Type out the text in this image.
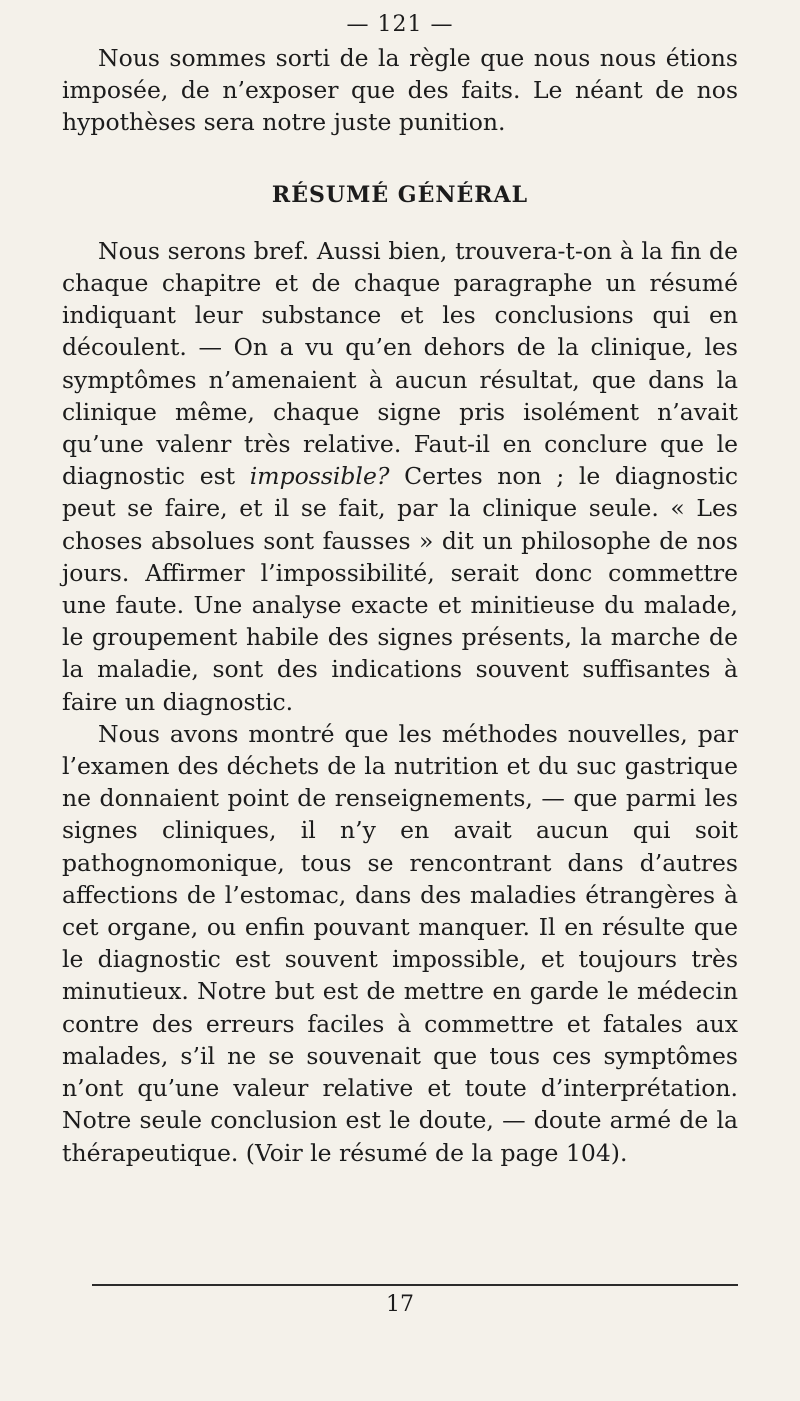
— 121 —

Nous sommes sorti de la règle que nous nous étions imposée, de n’exposer que des faits. Le néant de nos hypothèses sera notre juste punition.

RÉSUMÉ GÉNÉRAL

Nous serons bref. Aussi bien, trouvera-t-on à la fin de chaque chapitre et de chaque paragraphe un résumé indiquant leur substance et les conclusions qui en découlent. — On a vu qu’en dehors de la clinique, les symptômes n’amenaient à aucun résultat, que dans la clinique même, chaque signe pris isolément n’avait qu’une valenr très relative. Faut-il en conclure que le diagnostic est impossible? Certes non ; le diagnostic peut se faire, et il se fait, par la clinique seule. « Les choses absolues sont fausses » dit un philosophe de nos jours. Affirmer l’impossibilité, serait donc commettre une faute. Une analyse exacte et minitieuse du malade, le groupement habile des signes présents, la marche de la maladie, sont des indications souvent suffisantes à faire un diagnostic.

Nous avons montré que les méthodes nouvelles, par l’examen des déchets de la nutrition et du suc gastrique ne donnaient point de renseignements, — que parmi les signes cliniques, il n’y en avait aucun qui soit pathognomonique, tous se rencontrant dans d’autres affections de l’estomac, dans des maladies étrangères à cet organe, ou enfin pouvant manquer. Il en résulte que le diagnostic est souvent impossible, et toujours très minutieux. Notre but est de mettre en garde le médecin contre des erreurs faciles à commettre et fatales aux malades, s’il ne se souvenait que tous ces symptômes n’ont qu’une valeur relative et toute d’interprétation. Notre seule conclusion est le doute, — doute armé de la thérapeutique. (Voir le résumé de la page 104).

17
